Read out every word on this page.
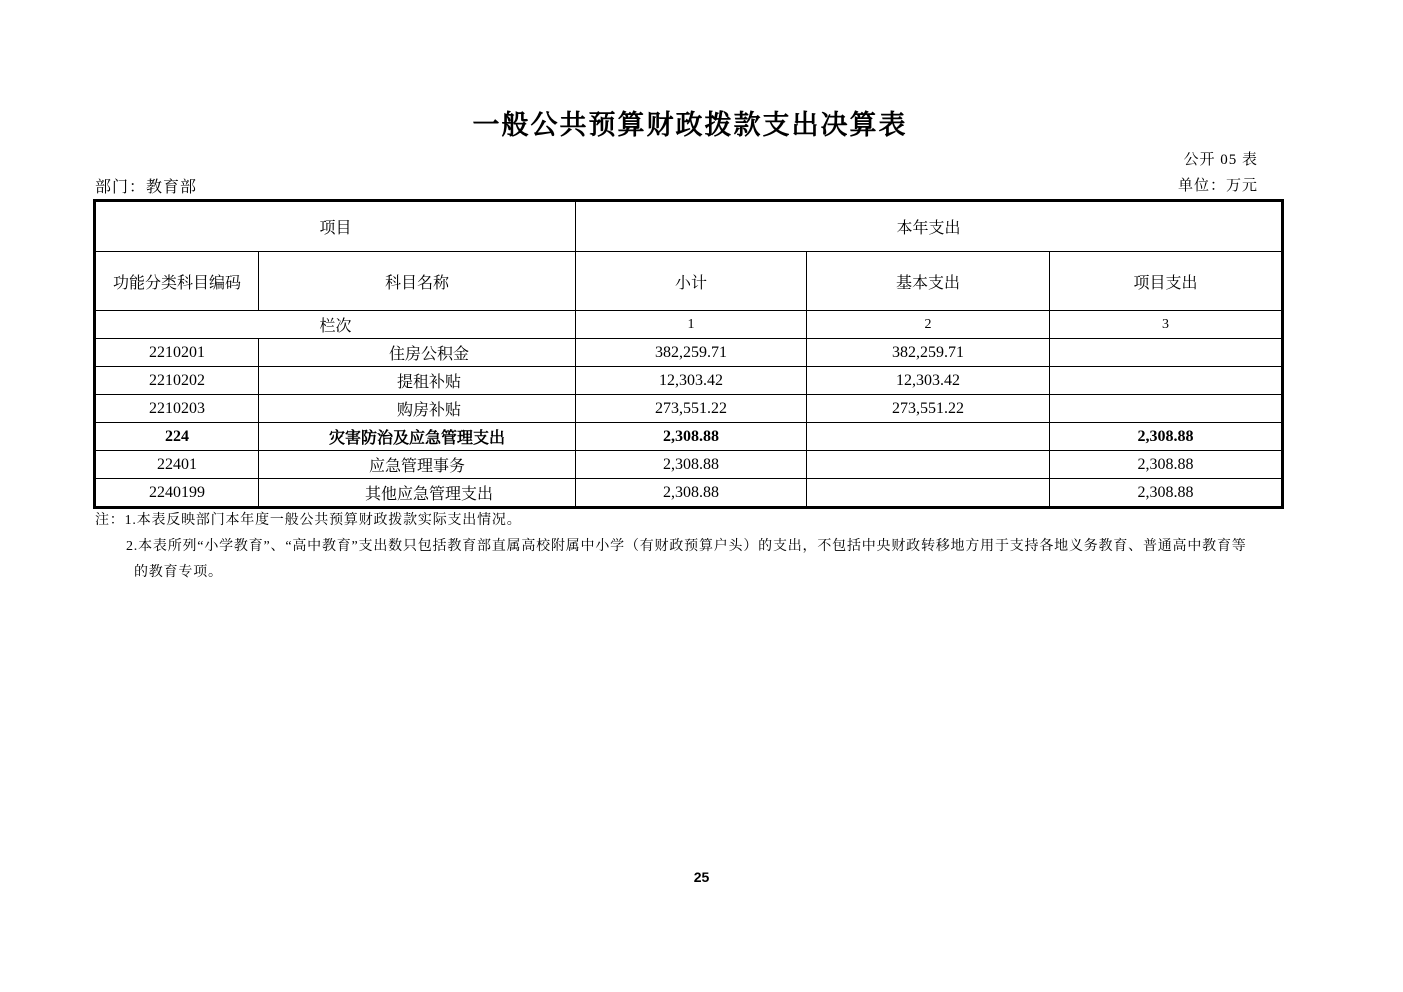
一般公共预算财政拨款支出决算表
公开 05 表
部门：教育部	单位：万元
项目		本年支出		
功能分类科目编码	科目名称	小计	基本支出	项目支出
栏次		1	2	3
2210201	住房公积金	382,259.71	382,259.71	
2210202	提租补贴	12,303.42	12,303.42	
2210203	购房补贴	273,551.22	273,551.22	
224	灾害防治及应急管理支出	2,308.88		2,308.88
22401	应急管理事务	2,308.88		2,308.88
2240199	其他应急管理支出	2,308.88		2,308.88
注：1.本表反映部门本年度一般公共预算财政拨款实际支出情况。
2.本表所列“小学教育”、“高中教育”支出数只包括教育部直属高校附属中小学（有财政预算户头）的支出，不包括中央财政转移地方用于支持各地义务教育、普通高中教育等
的教育专项。
25
